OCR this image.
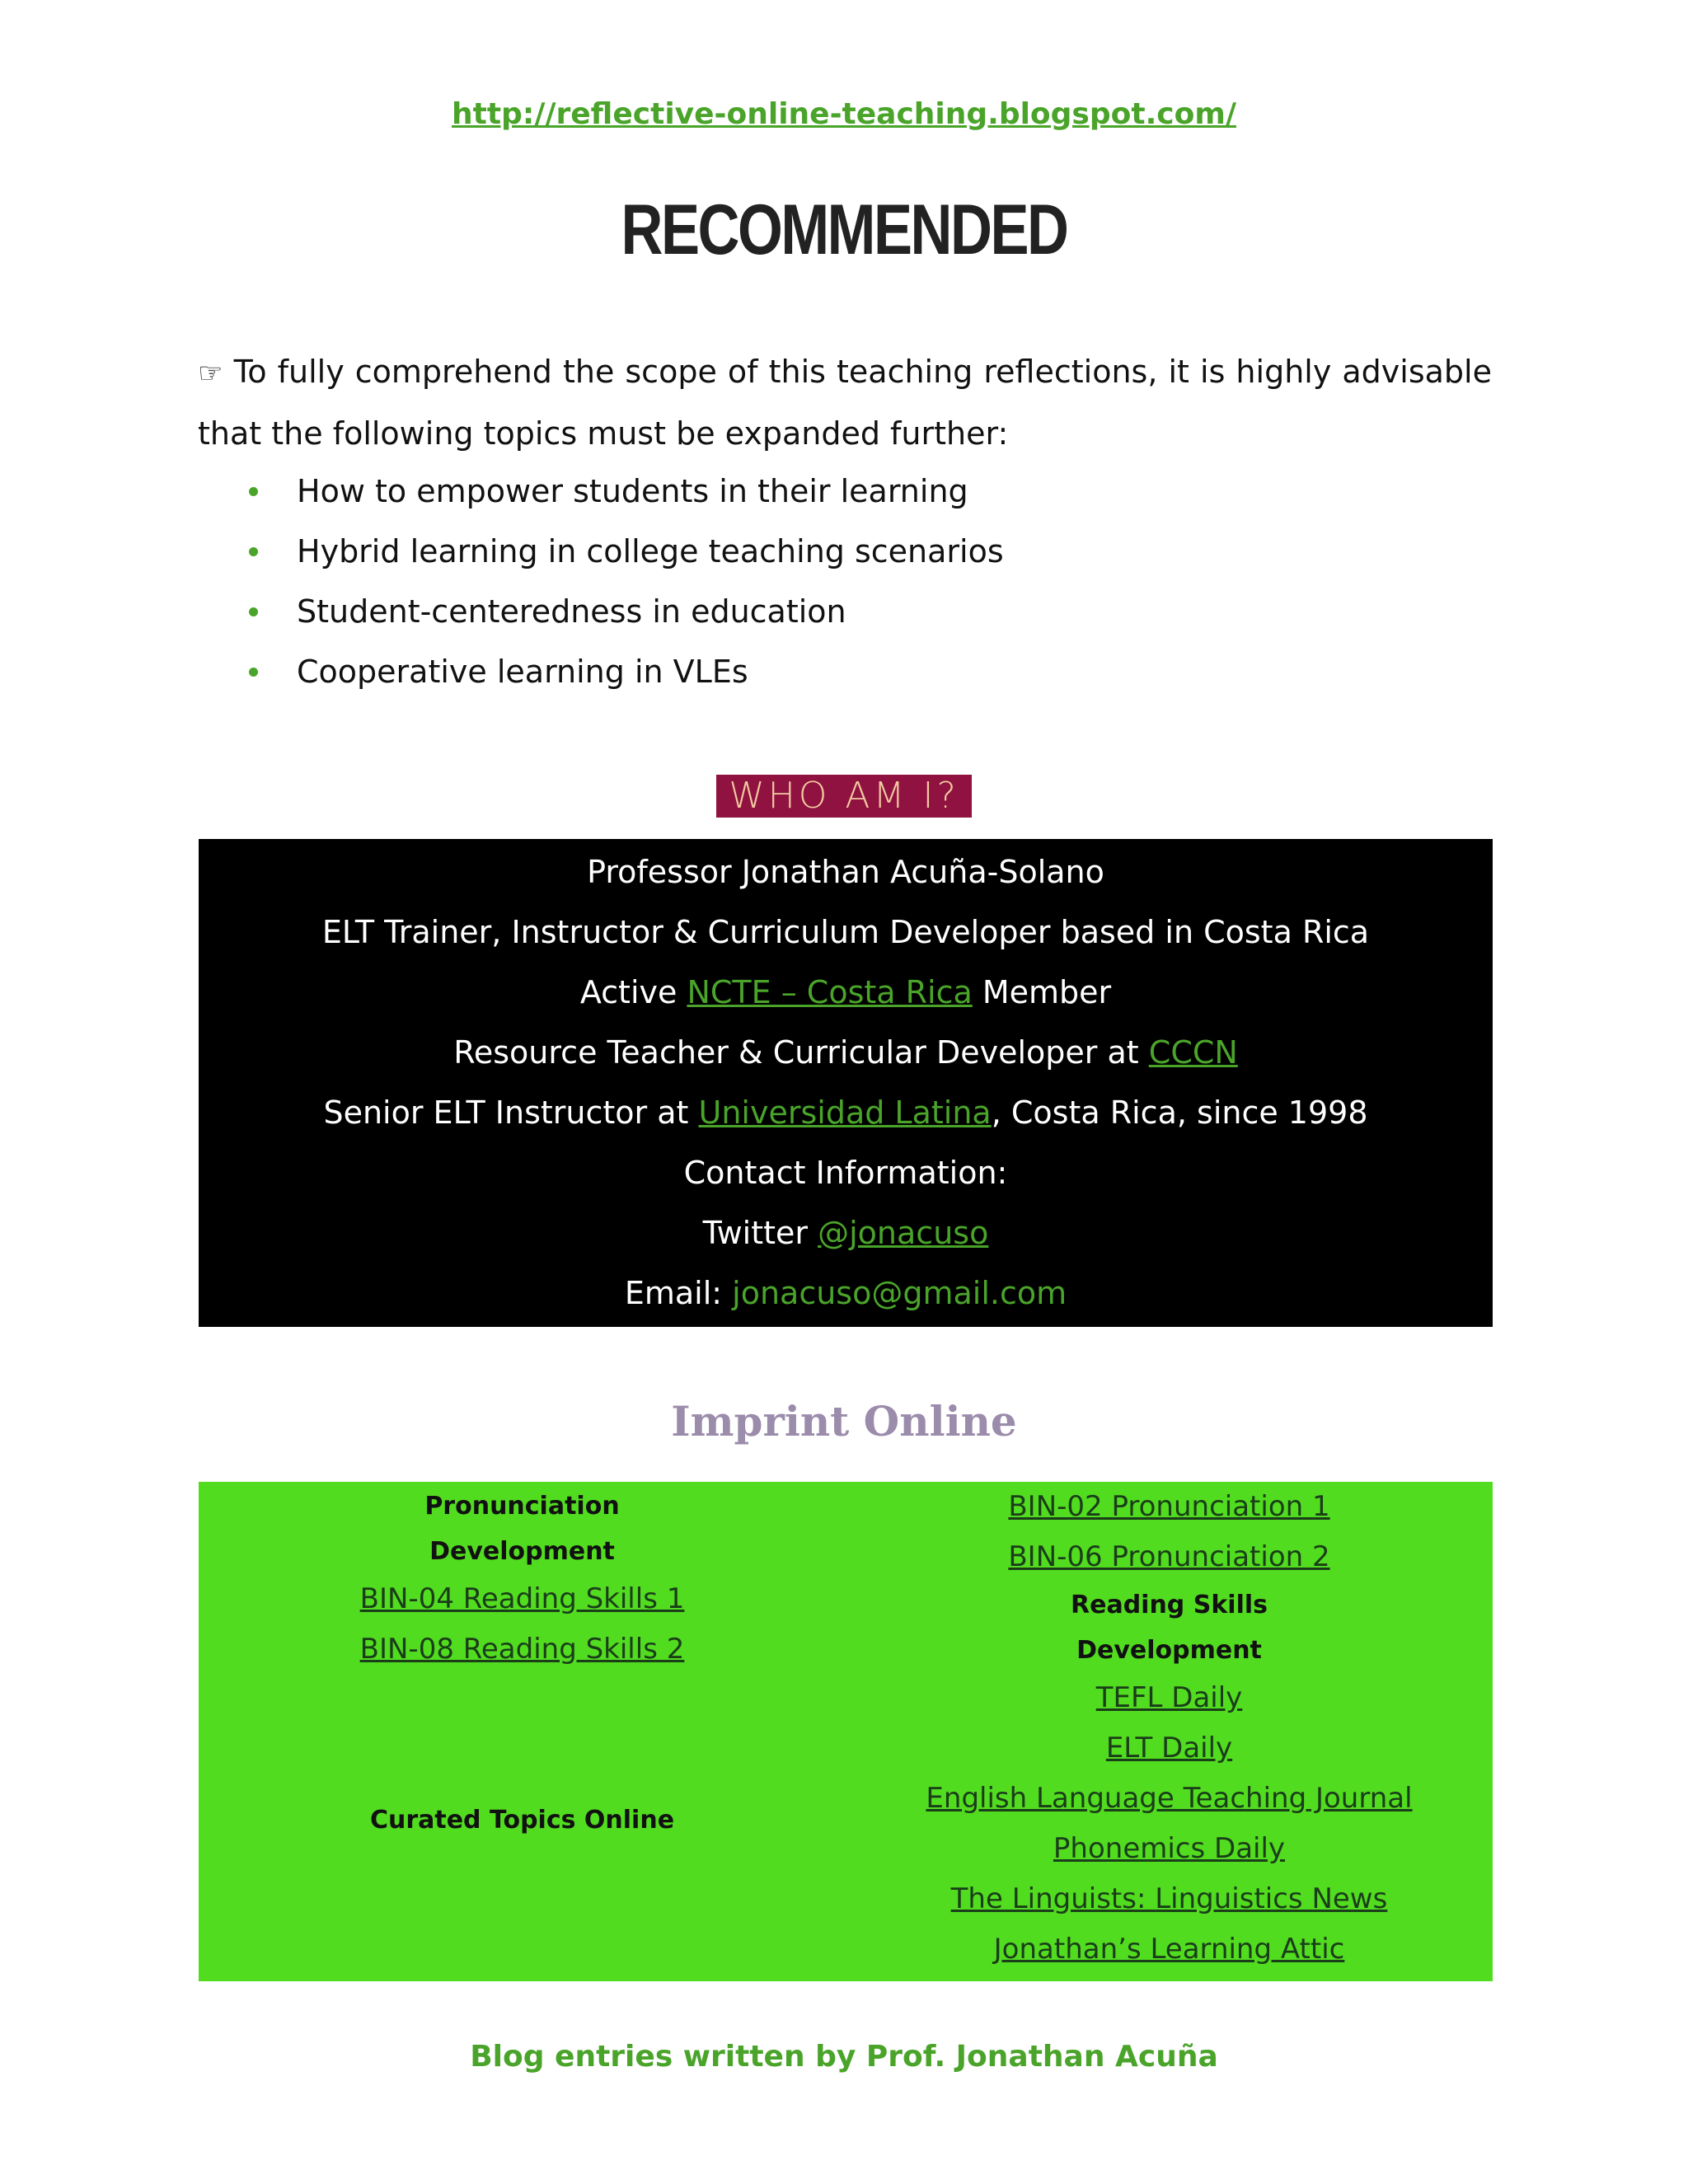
http://reflective-online-teaching.blogspot.com/
RECOMMENDED
☞ To fully comprehend the scope of this teaching reflections, it is highly advisable that the following topics must be expanded further:
How to empower students in their learning
Hybrid learning in college teaching scenarios
Student-centeredness in education
Cooperative learning in VLEs
WHO AM I?
Professor Jonathan Acuña-Solano
ELT Trainer, Instructor & Curriculum Developer based in Costa Rica
Active NCTE – Costa Rica Member
Resource Teacher & Curricular Developer at CCCN
Senior ELT Instructor at Universidad Latina, Costa Rica, since 1998
Contact Information:
Twitter @jonacuso
Email: jonacuso@gmail.com
Imprint Online
Pronunciation
Development
BIN-04 Reading Skills 1
BIN-08 Reading Skills 2
Curated Topics Online
BIN-02 Pronunciation 1
BIN-06 Pronunciation 2
Reading Skills
Development
TEFL Daily
ELT Daily
English Language Teaching Journal
Phonemics Daily
The Linguists: Linguistics News
Jonathan’s Learning Attic
Blog entries written by Prof. Jonathan Acuña
